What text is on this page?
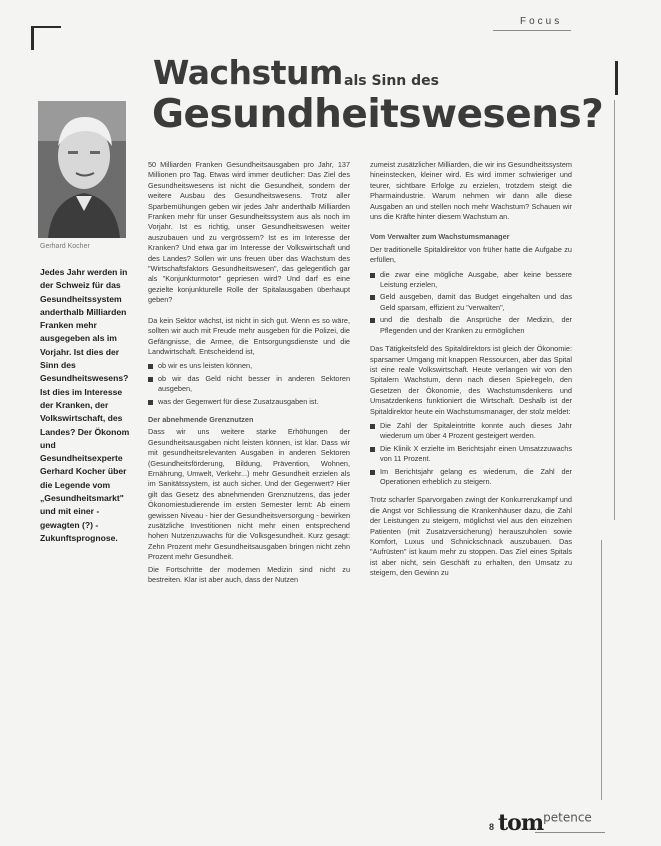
Focus
Wachstum als Sinn des
Gesundheitswesens?
Gerhard Kocher
Jedes Jahr werden in der Schweiz für das Gesundheitssystem anderthalb Milliarden Franken mehr ausgegeben als im Vorjahr. Ist dies der Sinn des Gesundheitswesens? Ist dies im Interesse der Kranken, der Volkswirtschaft, des Landes? Der Ökonom und Gesundheitsexperte Gerhard Kocher über die Legende vom „Gesundheitsmarkt" und mit einer - gewagten (?) - Zukunftsprognose.

50 Milliarden Franken Gesundheitsausgaben pro Jahr, 137 Millionen pro Tag. Etwas wird immer deutlicher: Das Ziel des Gesundheitswesens ist nicht die Gesundheit, sondern der weitere Ausbau des Gesundheitswesens. Trotz aller Sparbemühungen geben wir jedes Jahr anderthalb Milliarden Franken mehr für unser Gesundheitssystem aus als noch im Vorjahr. Ist es richtig, unser Gesundheitswesen weiter auszubauen und zu vergrössern? Ist es im Interesse der Kranken? Und etwa gar im Interesse der Volkswirtschaft und des Landes? Sollen wir uns freuen über das Wachstum des "Wirtschaftsfaktors Gesundheitswesen", das gelegentlich gar als "Konjunkturmotor" gepriesen wird? Und darf es eine gezielte konjunkturelle Rolle der Spitalausgaben überhaupt geben?

Da kein Sektor wächst, ist nicht in sich gut. Wenn es so wäre, sollten wir auch mit Freude mehr ausgeben für die Polizei, die Gefängnisse, die Armee, die Entsorgungsdienste und die Landwirtschaft. Entscheidend ist,

ob wir es uns leisten können,
ob wir das Geld nicht besser in anderen Sektoren ausgeben,
was der Gegenwert für diese Zusatzausgaben ist.
Der abnehmende Grenznutzen

Dass wir uns weitere starke Erhöhungen der Gesundheitsausgaben nicht leisten können, ist klar. Dass wir mit gesundheitsrelevanten Ausgaben in anderen Sektoren (Gesundheitsförderung, Bildung, Prävention, Wohnen, Ernährung, Umwelt, Verkehr...) mehr Gesundheit erzielen als im Sanitätssystem, ist auch sicher. Und der Gegenwert? Hier gilt das Gesetz des abnehmenden Grenznutzens, das jeder Ökonomiestudierende im ersten Semester lernt: Ab einem gewissen Niveau - hier der Gesundheitsversorgung - bewirken zusätzliche Investitionen nicht mehr einen entsprechend hohen Nutzenzuwachs für die Volksgesundheit. Kurz gesagt: Zehn Prozent mehr Gesundheitsausgaben bringen nicht zehn Prozent mehr Gesundheit.

Die Fortschritte der modernen Medizin sind nicht zu bestreiten. Klar ist aber auch, dass der Nutzen

zumeist zusätzlicher Milliarden, die wir ins Gesundheitssystem hineinstecken, kleiner wird. Es wird immer schwieriger und teurer, sichtbare Erfolge zu erzielen, trotzdem steigt die Pharmaindustrie. Warum nehmen wir dann alle diese Ausgaben an und stellen noch mehr Wachstum? Schauen wir uns die Kräfte hinter diesem Wachstum an.

Vom Verwalter zum Wachstumsmanager

Der traditionelle Spitaldirektor von früher hatte die Aufgabe zu erfüllen,

die zwar eine mögliche Ausgabe, aber keine bessere Leistung erzielen,
Geld ausgeben, damit das Budget eingehalten und das Geld sparsam, effizient zu "verwalten",
und die deshalb die Ansprüche der Medizin, der Pflegenden und der Kranken zu ermöglichen

Das Tätigkeitsfeld des Spitaldirektors ist gleich der Ökonomie: sparsamer Umgang mit knappen Ressourcen, aber das Spital ist eine reale Volkswirtschaft. Heute verlangen wir von den Spitalern Wachstum, denn nach diesen Spielregeln, den Gesetzen der Ökonomie, des Wachstumsdenkens und Umsatzdenkens funktioniert die Wirtschaft. Deshalb ist der Spitaldirektor heute ein Wachstumsmanager, der stolz meldet:

Die Zahl der Spitaleintritte konnte auch dieses Jahr wiederum um über 4 Prozent gesteigert werden.
Die Klinik X erzielte im Berichtsjahr einen Umsatzzuwachs von 11 Prozent.
Im Berichtsjahr gelang es wiederum, die Zahl der Operationen erheblich zu steigern.

Trotz scharfer Sparvorgaben zwingt der Konkurrenzkampf und die Angst vor Schliessung die Krankenhäuser dazu, die Zahl der Leistungen zu steigern, möglichst viel aus den einzelnen Patienten (mit Zusatzversicherung) herauszuholen sowie Komfort, Luxus und Schnickschnack auszubauen. Das "Aufrüsten" ist kaum mehr zu stoppen. Das Ziel eines Spitals ist aber nicht, sein Geschäft zu erhalten, den Umsatz zu steigern, den Gewinn zu

tom$^{petence}$
8
